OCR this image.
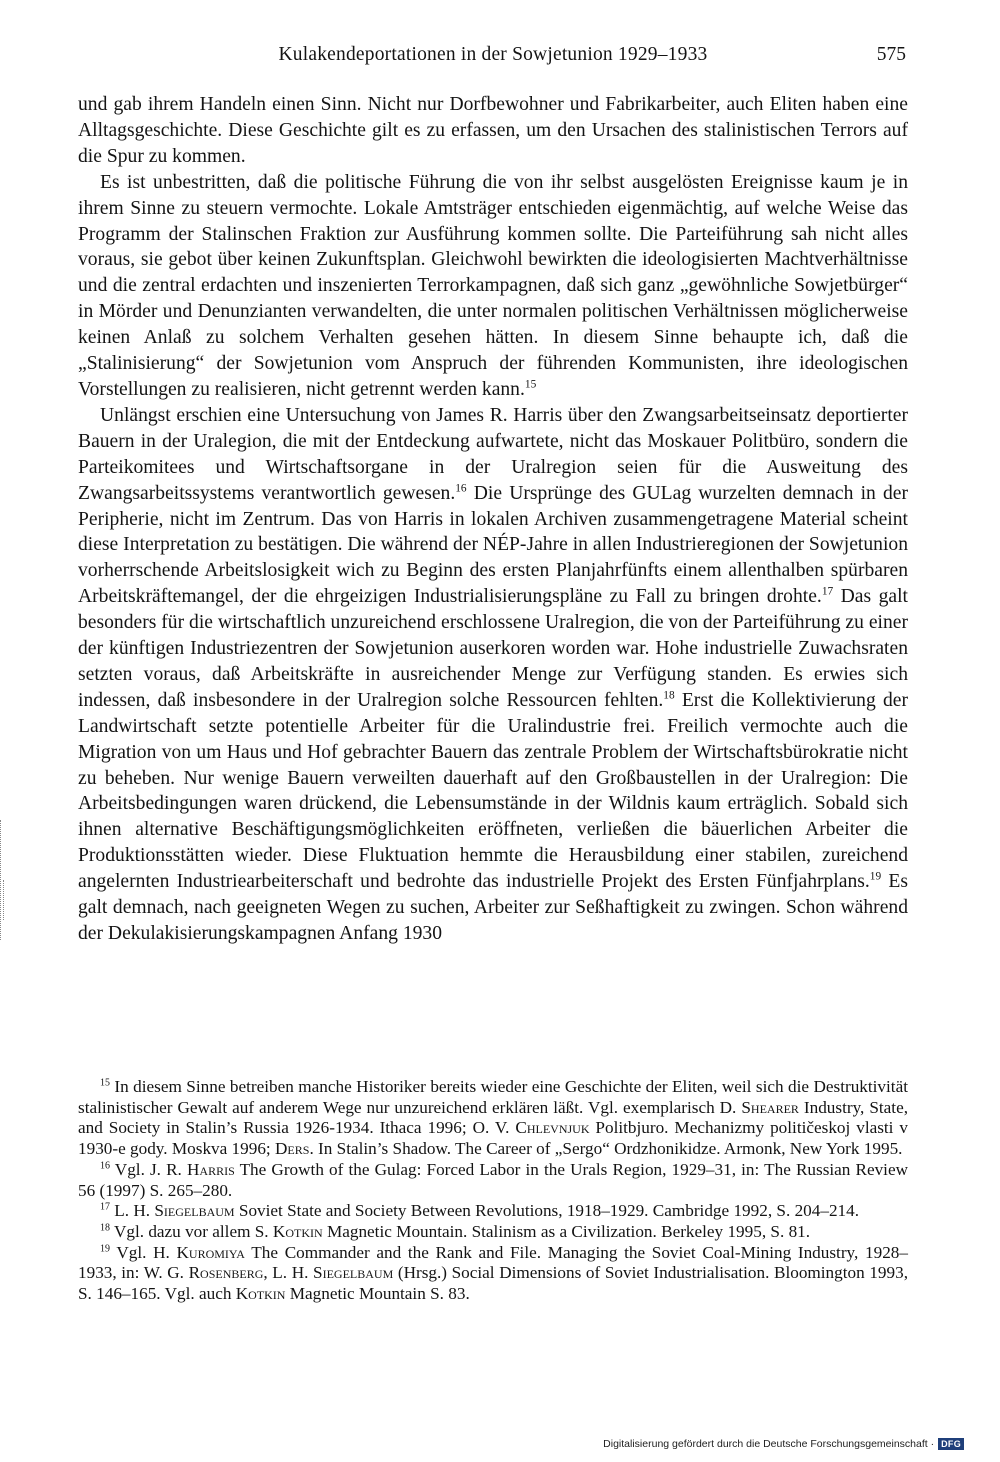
Kulakendeportationen in der Sowjetunion 1929–1933	575

und gab ihrem Handeln einen Sinn. Nicht nur Dorfbewohner und Fabrikarbeiter, auch Eliten haben eine Alltagsgeschichte. Diese Geschichte gilt es zu erfassen, um den Ursachen des stalinistischen Terrors auf die Spur zu kommen.

Es ist unbestritten, daß die politische Führung die von ihr selbst ausgelösten Ereignisse kaum je in ihrem Sinne zu steuern vermochte. Lokale Amtsträger entschieden eigenmächtig, auf welche Weise das Programm der Stalinschen Fraktion zur Ausführung kommen sollte. Die Parteiführung sah nicht alles voraus, sie gebot über keinen Zukunftsplan. Gleichwohl bewirkten die ideologisierten Machtverhältnisse und die zentral erdachten und inszenierten Terrorkampagnen, daß sich ganz „gewöhnliche Sowjetbürger“ in Mörder und Denunzianten verwandelten, die unter normalen politischen Verhältnissen möglicherweise keinen Anlaß zu solchem Verhalten gesehen hätten. In diesem Sinne behaupte ich, daß die „Stalinisierung“ der Sowjetunion vom Anspruch der führenden Kommunisten, ihre ideologischen Vorstellungen zu realisieren, nicht getrennt werden kann.$^{15}$

Unlängst erschien eine Untersuchung von James R. Harris über den Zwangsarbeitseinsatz deportierter Bauern in der Uralegion, die mit der Entdeckung aufwartete, nicht das Moskauer Politbüro, sondern die Parteikomitees und Wirtschaftsorgane in der Uralregion seien für die Ausweitung des Zwangsarbeitssystems verantwortlich gewesen.$^{16}$ Die Ursprünge des GULag wurzelten demnach in der Peripherie, nicht im Zentrum. Das von Harris in lokalen Archiven zusammengetragene Material scheint diese Interpretation zu bestätigen. Die während der NÉP-Jahre in allen Industrieregionen der Sowjetunion vorherrschende Arbeitslosigkeit wich zu Beginn des ersten Planjahrfünfts einem allenthalben spürbaren Arbeitskräftemangel, der die ehrgeizigen Industrialisierungspläne zu Fall zu bringen drohte.$^{17}$ Das galt besonders für die wirtschaftlich unzureichend erschlossene Uralregion, die von der Parteiführung zu einer der künftigen Industriezentren der Sowjetunion auserkoren worden war. Hohe industrielle Zuwachsraten setzten voraus, daß Arbeitskräfte in ausreichender Menge zur Verfügung standen. Es erwies sich indessen, daß insbesondere in der Uralregion solche Ressourcen fehlten.$^{18}$ Erst die Kollektivierung der Landwirtschaft setzte potentielle Arbeiter für die Uralindustrie frei. Freilich vermochte auch die Migration von um Haus und Hof gebrachter Bauern das zentrale Problem der Wirtschaftsbürokratie nicht zu beheben. Nur wenige Bauern verweilten dauerhaft auf den Großbaustellen in der Uralregion: Die Arbeitsbedingungen waren drückend, die Lebensumstände in der Wildnis kaum erträglich. Sobald sich ihnen alternative Beschäftigungsmöglichkeiten eröffneten, verließen die bäuerlichen Arbeiter die Produktionsstätten wieder. Diese Fluktuation hemmte die Herausbildung einer stabilen, zureichend angelernten Industriearbeiterschaft und bedrohte das industrielle Projekt des Ersten Fünfjahrplans.$^{19}$ Es galt demnach, nach geeigneten Wegen zu suchen, Arbeiter zur Seßhaftigkeit zu zwingen. Schon während der Dekulakisierungskampagnen Anfang 1930

$^{15}$ In diesem Sinne betreiben manche Historiker bereits wieder eine Geschichte der Eliten, weil sich die Destruktivität stalinistischer Gewalt auf anderem Wege nur unzureichend erklären läßt. Vgl. exemplarisch D. Shearer Industry, State, and Society in Stalin’s Russia 1926-1934. Ithaca 1996; O. V. Chlevnjuk Politbjuro. Mechanizmy političeskoj vlasti v 1930-e gody. Moskva 1996; Ders. In Stalin’s Shadow. The Career of „Sergo“ Ordzhonikidze. Armonk, New York 1995.

$^{16}$ Vgl. J. R. Harris The Growth of the Gulag: Forced Labor in the Urals Region, 1929–31, in: The Russian Review 56 (1997) S. 265–280.

$^{17}$ L. H. Siegelbaum Soviet State and Society Between Revolutions, 1918–1929. Cambridge 1992, S. 204–214.

$^{18}$ Vgl. dazu vor allem S. Kotkin Magnetic Mountain. Stalinism as a Civilization. Berkeley 1995, S. 81.

$^{19}$ Vgl. H. Kuromiya The Commander and the Rank and File. Managing the Soviet Coal-Mining Industry, 1928–1933, in: W. G. Rosenberg, L. H. Siegelbaum (Hrsg.) Social Dimensions of Soviet Industrialisation. Bloomington 1993, S. 146–165. Vgl. auch Kotkin Magnetic Mountain S. 83.

Digitalisierung gefördert durch die Deutsche Forschungsgemeinschaft · DFG
